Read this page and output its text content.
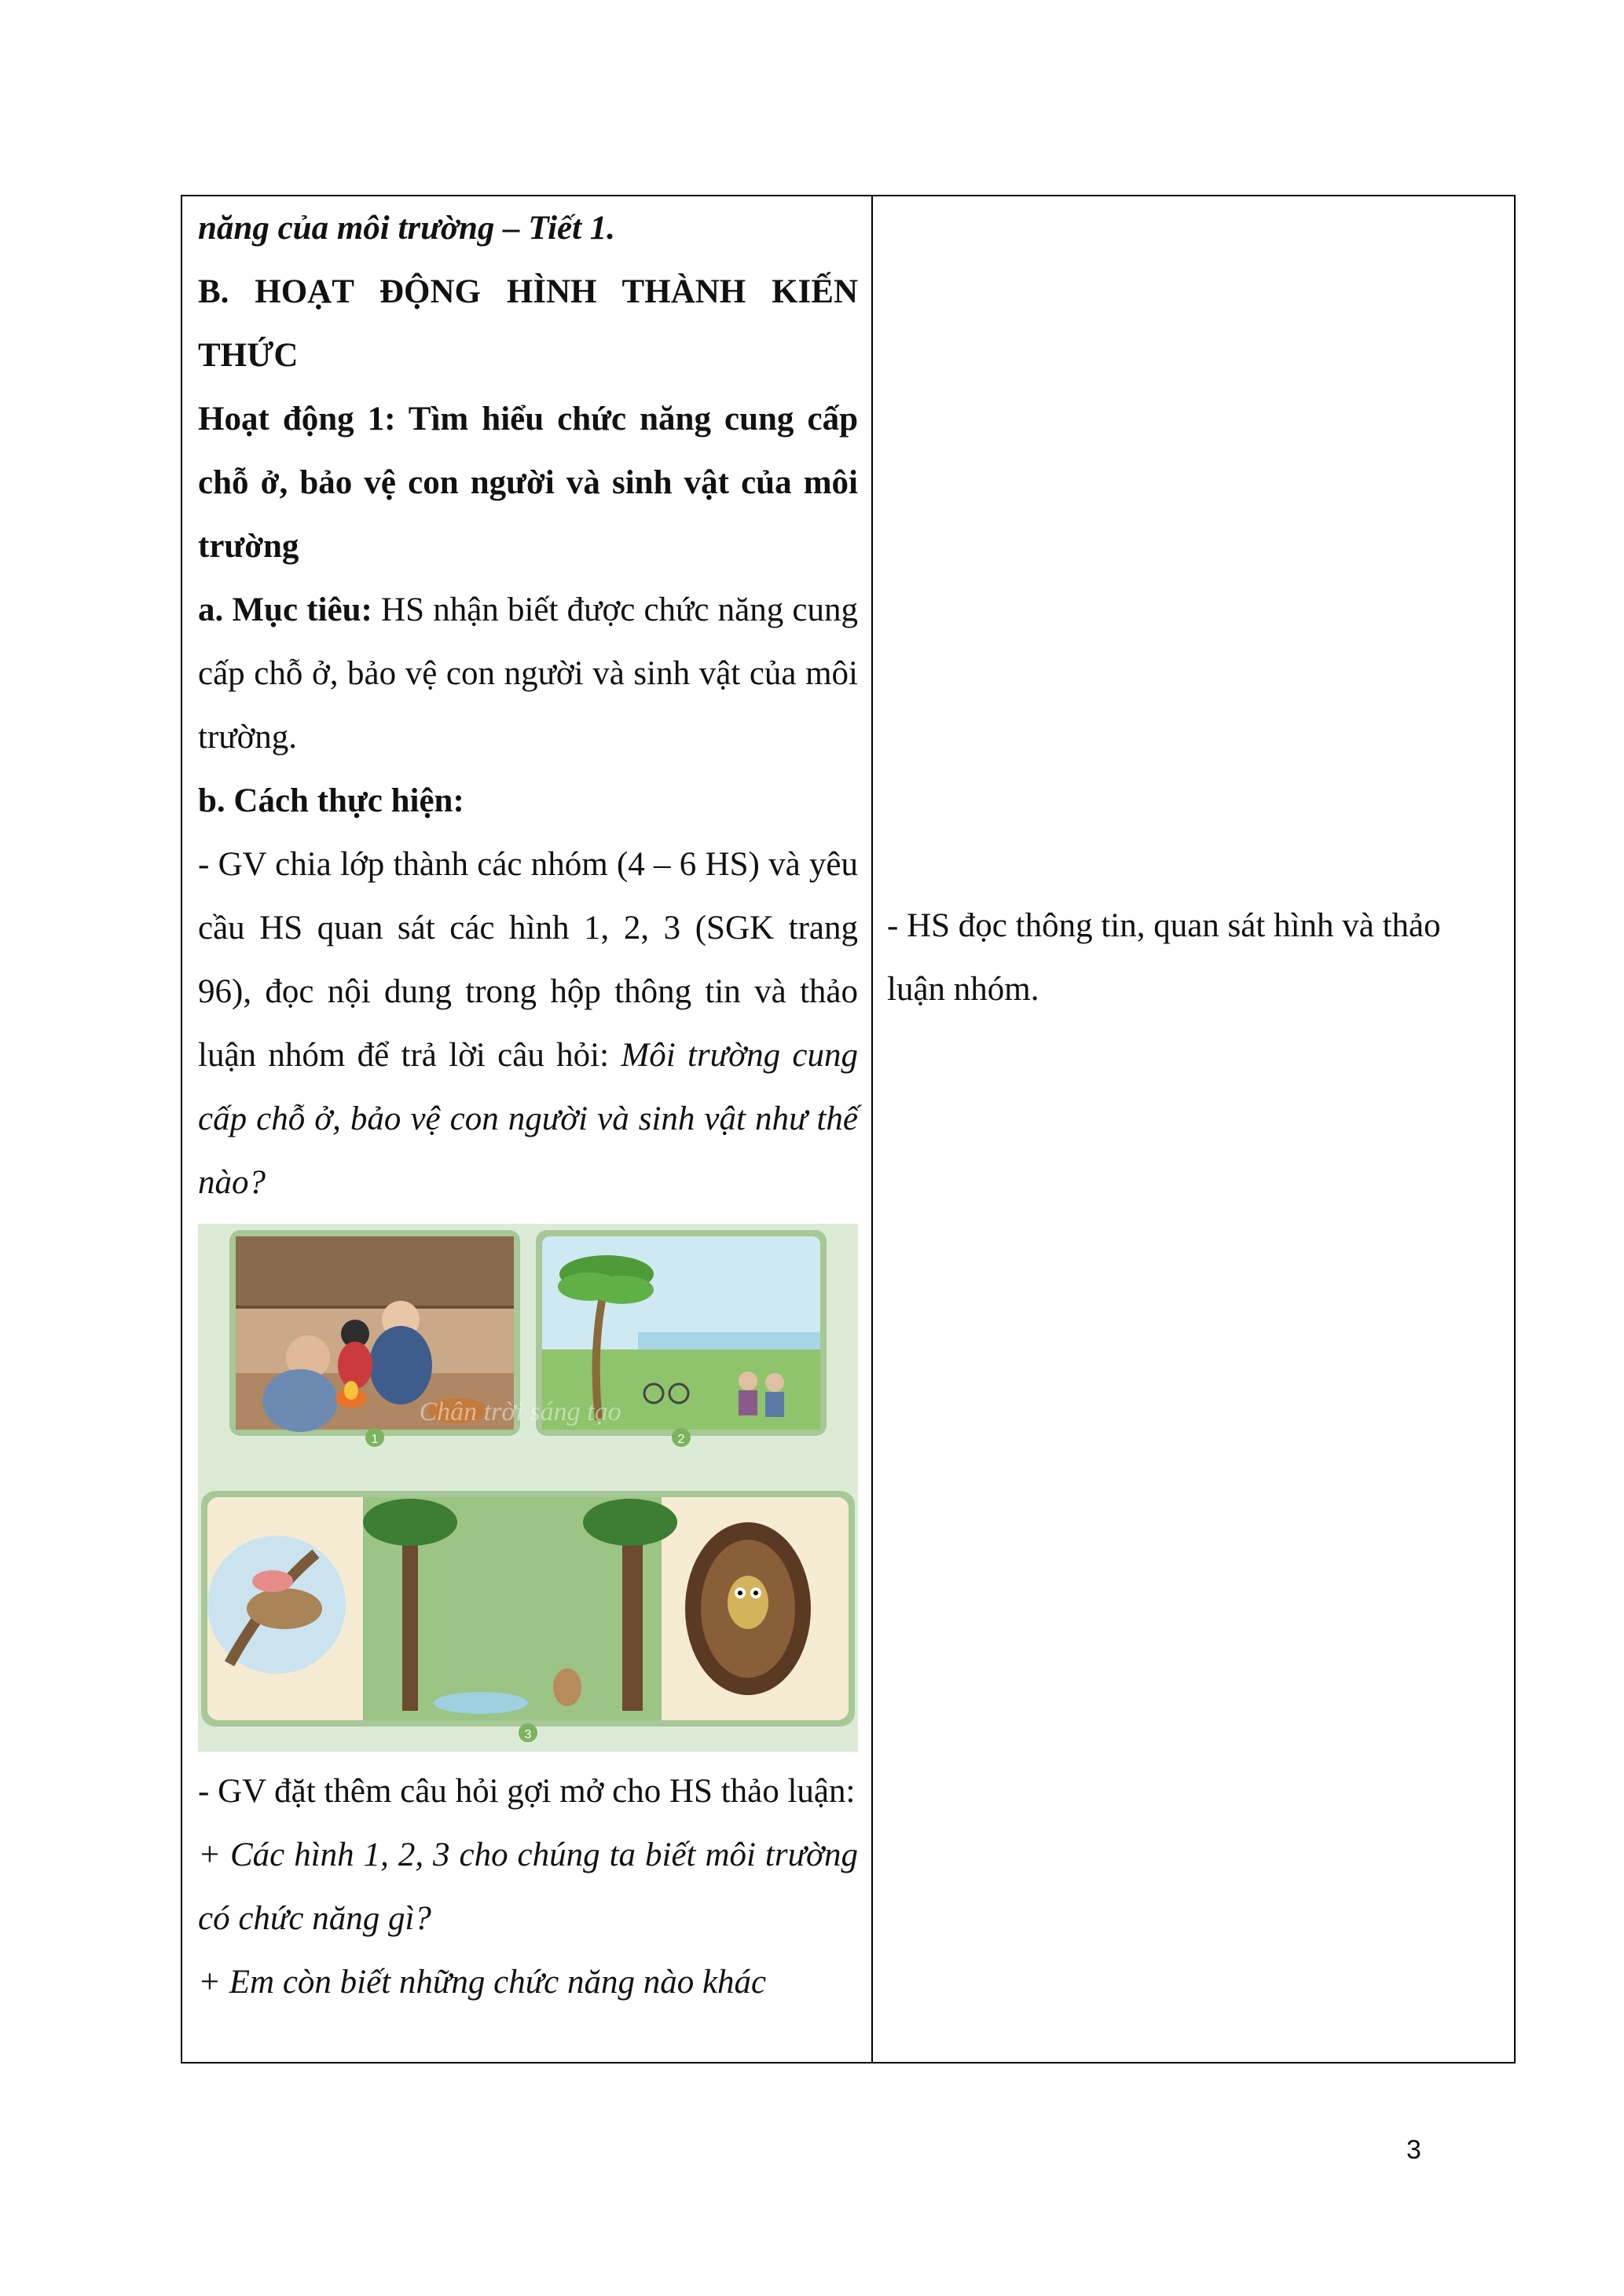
năng của môi trường – Tiết 1.

B. HOẠT ĐỘNG HÌNH THÀNH KIẾN THỨC

Hoạt động 1: Tìm hiểu chức năng cung cấp chỗ ở, bảo vệ con người và sinh vật của môi trường

a. Mục tiêu: HS nhận biết được chức năng cung cấp chỗ ở, bảo vệ con người và sinh vật của môi trường.

b. Cách thực hiện:

- GV chia lớp thành các nhóm (4 – 6 HS) và yêu cầu HS quan sát các hình 1, 2, 3 (SGK trang 96), đọc nội dung trong hộp thông tin và thảo luận nhóm để trả lời câu hỏi: Môi trường cung cấp chỗ ở, bảo vệ con người và sinh vật như thế nào?

1	2
3
Chân trời sáng tạo

- GV đặt thêm câu hỏi gợi mở cho HS thảo luận:

+ Các hình 1, 2, 3 cho chúng ta biết môi trường có chức năng gì?

+ Em còn biết những chức năng nào khác

- HS đọc thông tin, quan sát hình và thảo luận nhóm.

3
